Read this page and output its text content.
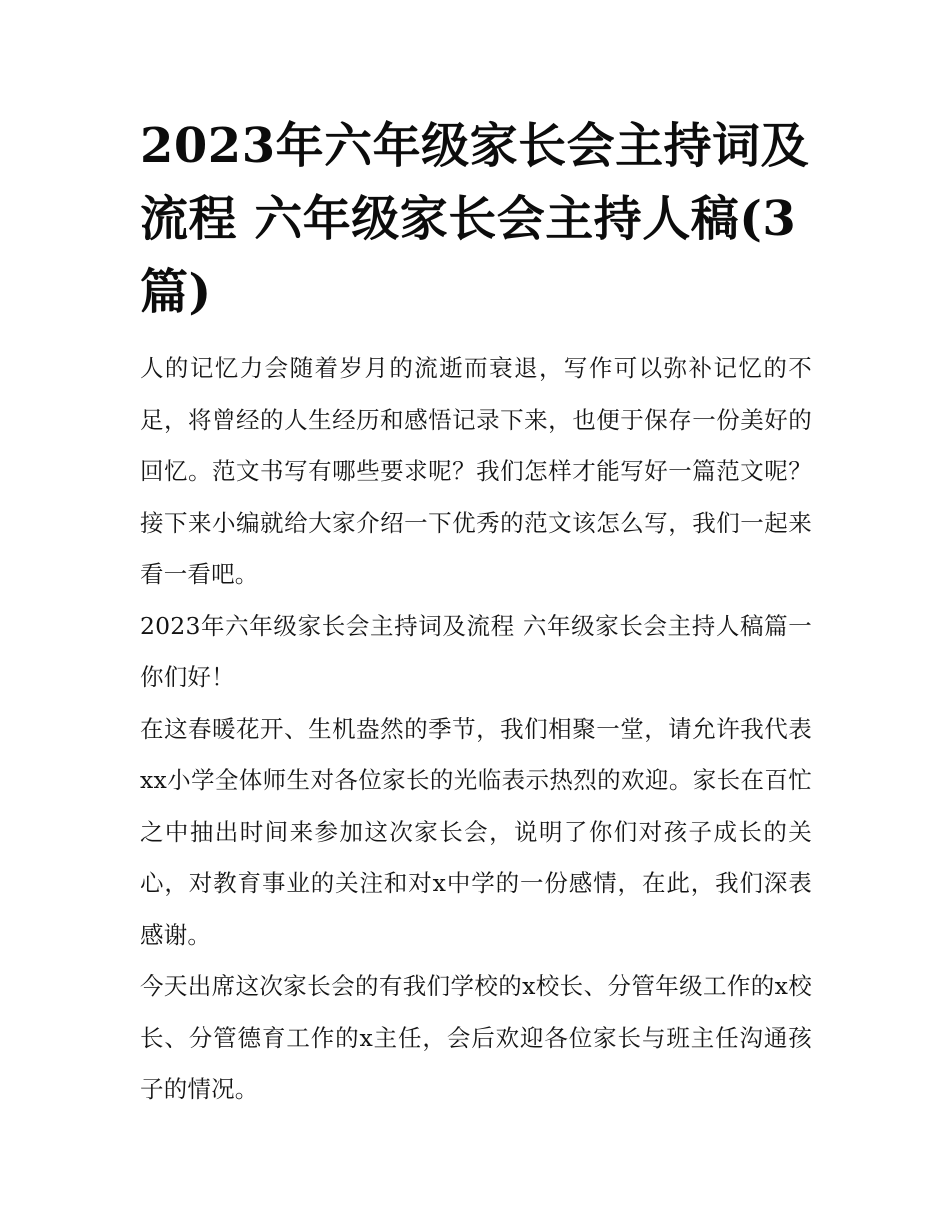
2023年六年级家长会主持词及流程 六年级家长会主持人稿(3篇)

人的记忆力会随着岁月的流逝而衰退，写作可以弥补记忆的不足，将曾经的人生经历和感悟记录下来，也便于保存一份美好的回忆。范文书写有哪些要求呢？我们怎样才能写好一篇范文呢？接下来小编就给大家介绍一下优秀的范文该怎么写，我们一起来看一看吧。

2023年六年级家长会主持词及流程 六年级家长会主持人稿篇一 你们好！

在这春暖花开、生机盎然的季节，我们相聚一堂，请允许我代表xx小学全体师生对各位家长的光临表示热烈的欢迎。家长在百忙之中抽出时间来参加这次家长会，说明了你们对孩子成长的关心，对教育事业的关注和对x中学的一份感情，在此，我们深表感谢。

今天出席这次家长会的有我们学校的x校长、分管年级工作的x校长、分管德育工作的x主任，会后欢迎各位家长与班主任沟通孩子的情况。
